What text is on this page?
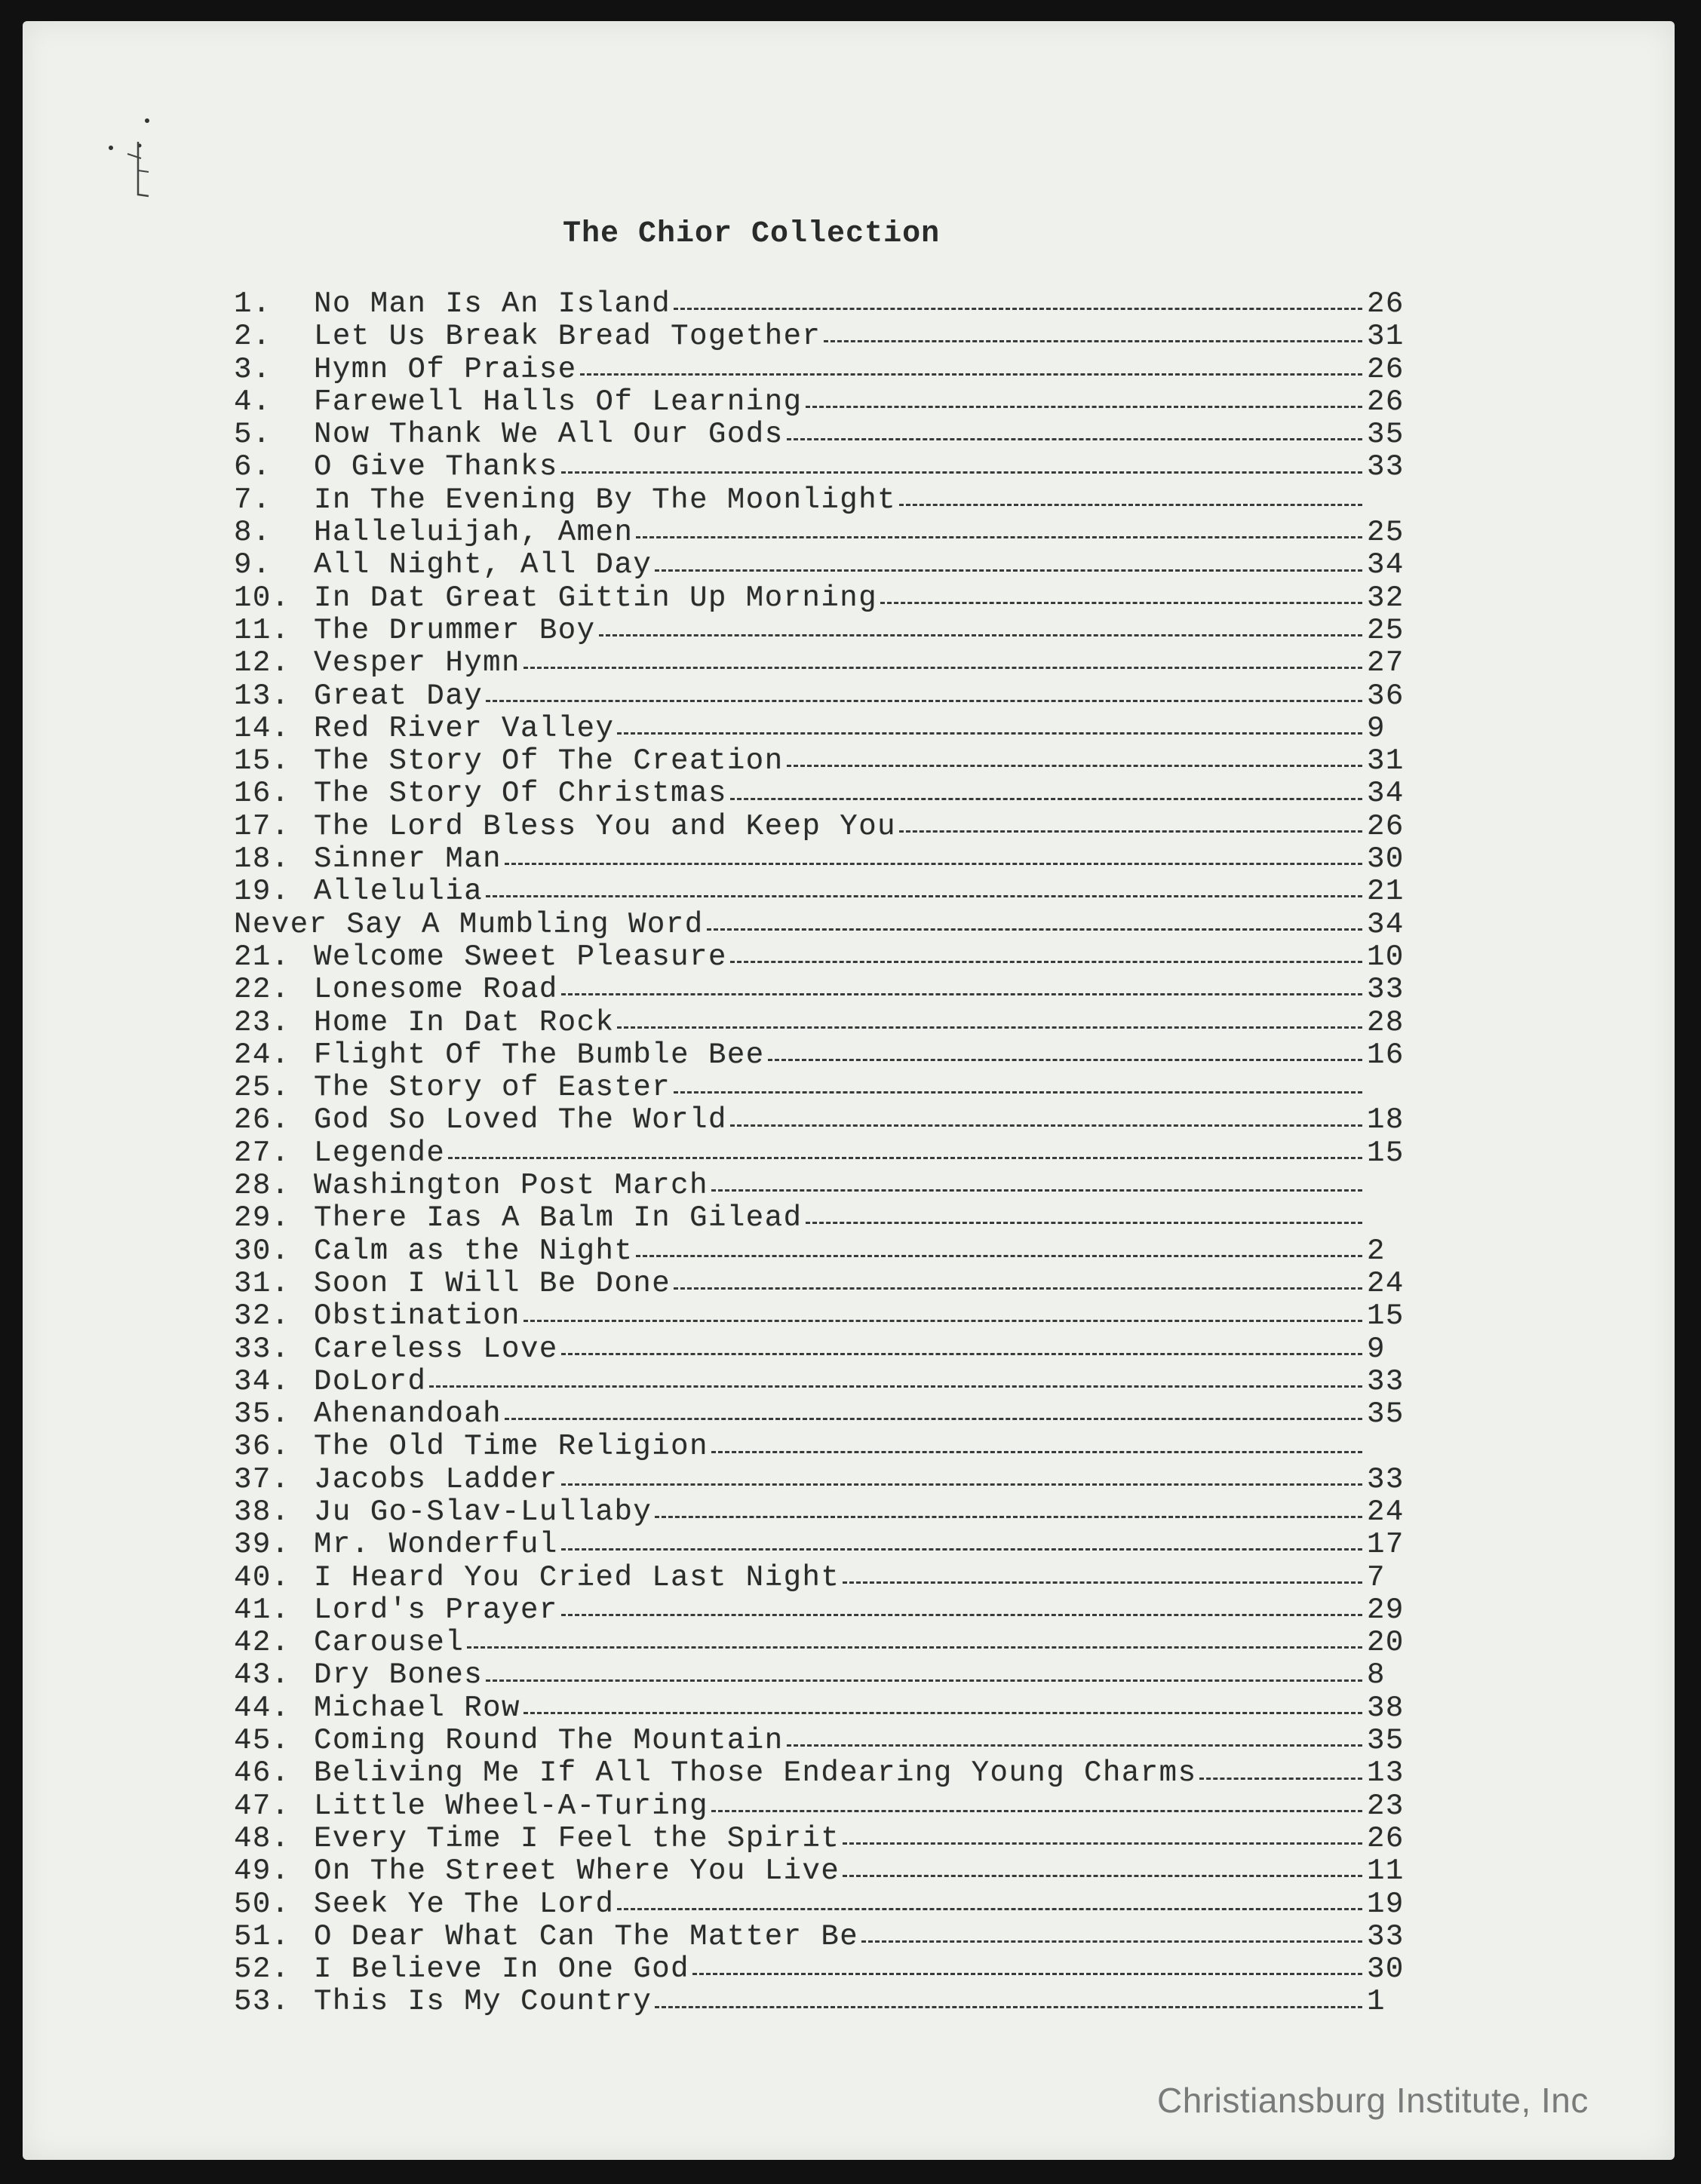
The Chior Collection
1.	No Man Is An Island	26
2.	Let Us Break Bread Together	31
3.	Hymn Of Praise	26
4.	Farewell Halls Of Learning	26
5.	Now Thank We All Our Gods	35
6.	O Give Thanks	33
7.	In The Evening By The Moonlight
8.	Halleluijah, Amen	25
9.	All Night, All Day	34
10. In Dat Great Gittin Up Morning	32
11. The Drummer Boy	25
12. Vesper Hymn	27
13. Great Day	36
14. Red River Valley	9
15. The Story Of The Creation	31
16. The Story Of Christmas	34
17. The Lord Bless You and Keep You	26
18. Sinner Man	30
19. Allelulia	21
Never Say A Mumbling Word	34
21. Welcome Sweet Pleasure	10
22. Lonesome Road	33
23. Home In Dat Rock	28
24. Flight Of The Bumble Bee	16
25. The Story of Easter
26. God So Loved The World	18
27. Legende	15
28. Washington Post March
29. There Ias A Balm In Gilead
30. Calm as the Night	2
31. Soon I Will Be Done	24
32. Obstination	15
33. Careless Love	9
34. DoLord	33
35. Ahenandoah	35
36. The Old Time Religion
37. Jacobs Ladder	33
38. Ju Go-Slav-Lullaby	24
39. Mr. Wonderful	17
40. I Heard You Cried Last Night	7
41. Lord's Prayer	29
42. Carousel	20
43. Dry Bones	8
44. Michael Row	38
45. Coming Round The Mountain	35
46. Beliving Me If All Those Endearing Young Charms	13
47. Little Wheel-A-Turing	23
48. Every Time I Feel the Spirit	26
49. On The Street Where You Live	11
50. Seek Ye The Lord	19
51. O Dear What Can The Matter Be	33
52. I Believe In One God	30
53. This Is My Country	1
Christiansburg Institute, Inc
